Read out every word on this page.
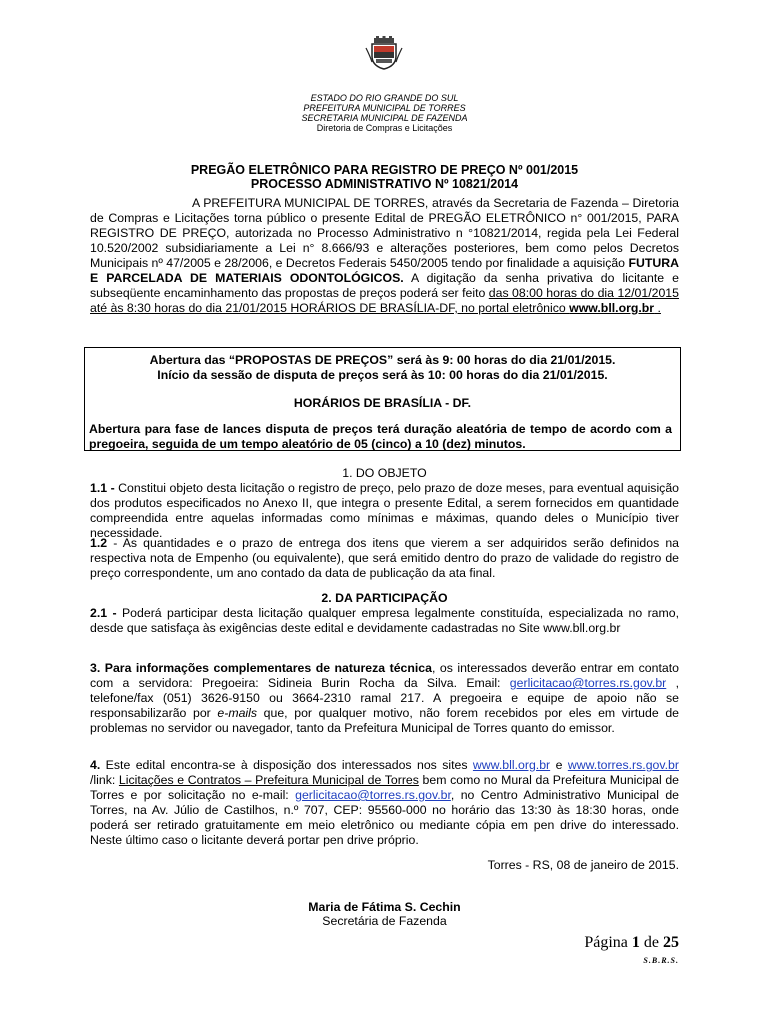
ESTADO DO RIO GRANDE DO SUL
PREFEITURA MUNICIPAL DE TORRES
SECRETARIA MUNICIPAL DE FAZENDA
Diretoria de Compras e Licitações
PREGÃO ELETRÔNICO PARA REGISTRO DE PREÇO Nº 001/2015
PROCESSO ADMINISTRATIVO Nº 10821/2014
A PREFEITURA MUNICIPAL DE TORRES, através da Secretaria de Fazenda – Diretoria de Compras e Licitações torna público o presente Edital de PREGÃO ELETRÔNICO n° 001/2015, PARA REGISTRO DE PREÇO, autorizada no Processo Administrativo n °10821/2014, regida pela Lei Federal 10.520/2002 subsidiariamente a Lei n° 8.666/93 e alterações posteriores, bem como pelos Decretos Municipais nº 47/2005 e 28/2006, e Decretos Federais 5450/2005 tendo por finalidade a aquisição FUTURA E PARCELADA DE MATERIAIS ODONTOLÓGICOS. A digitação da senha privativa do licitante e subseqüente encaminhamento das propostas de preços poderá ser feito das 08:00 horas do dia 12/01/2015 até às 8:30 horas do dia 21/01/2015 HORÁRIOS DE BRASÍLIA-DF, no portal eletrônico www.bll.org.br .
Abertura das “PROPOSTAS DE PREÇOS” será às 9: 00 horas do dia 21/01/2015.
Início da sessão de disputa de preços será às 10: 00 horas do dia 21/01/2015.
HORÁRIOS DE BRASÍLIA - DF.
Abertura para fase de lances disputa de preços terá duração aleatória de tempo de acordo com a pregoeira, seguida de um tempo aleatório de 05 (cinco) a 10 (dez) minutos.
1. DO OBJETO
1.1 - Constitui objeto desta licitação o registro de preço, pelo prazo de doze meses, para eventual aquisição dos produtos especificados no Anexo II, que integra o presente Edital, a serem fornecidos em quantidade compreendida entre aquelas informadas como mínimas e máximas, quando deles o Município tiver necessidade.
1.2 - As quantidades e o prazo de entrega dos itens que vierem a ser adquiridos serão definidos na respectiva nota de Empenho (ou equivalente), que será emitido dentro do prazo de validade do registro de preço correspondente, um ano contado da data de publicação da ata final.
2. DA PARTICIPAÇÃO
2.1 - Poderá participar desta licitação qualquer empresa legalmente constituída, especializada no ramo, desde que satisfaça às exigências deste edital e devidamente cadastradas no Site www.bll.org.br
3. Para informações complementares de natureza técnica, os interessados deverão entrar em contato com a servidora: Pregoeira: Sidineia Burin Rocha da Silva. Email: gerlicitacao@torres.rs.gov.br , telefone/fax (051) 3626-9150 ou 3664-2310 ramal 217. A pregoeira e equipe de apoio não se responsabilizarão por e-mails que, por qualquer motivo, não forem recebidos por eles em virtude de problemas no servidor ou navegador, tanto da Prefeitura Municipal de Torres quanto do emissor.
4. Este edital encontra-se à disposição dos interessados nos sites www.bll.org.br e www.torres.rs.gov.br /link: Licitações e Contratos – Prefeitura Municipal de Torres bem como no Mural da Prefeitura Municipal de Torres e por solicitação no e-mail: gerlicitacao@torres.rs.gov.br, no Centro Administrativo Municipal de Torres, na Av. Júlio de Castilhos, n.º 707, CEP: 95560-000 no horário das 13:30 às 18:30 horas, onde poderá ser retirado gratuitamente em meio eletrônico ou mediante cópia em pen drive do interessado. Neste último caso o licitante deverá portar pen drive próprio.
Torres - RS, 08 de janeiro de 2015.
Maria de Fátima S. Cechin
Secretária de Fazenda
Página 1 de 25
S.B.R.S.
